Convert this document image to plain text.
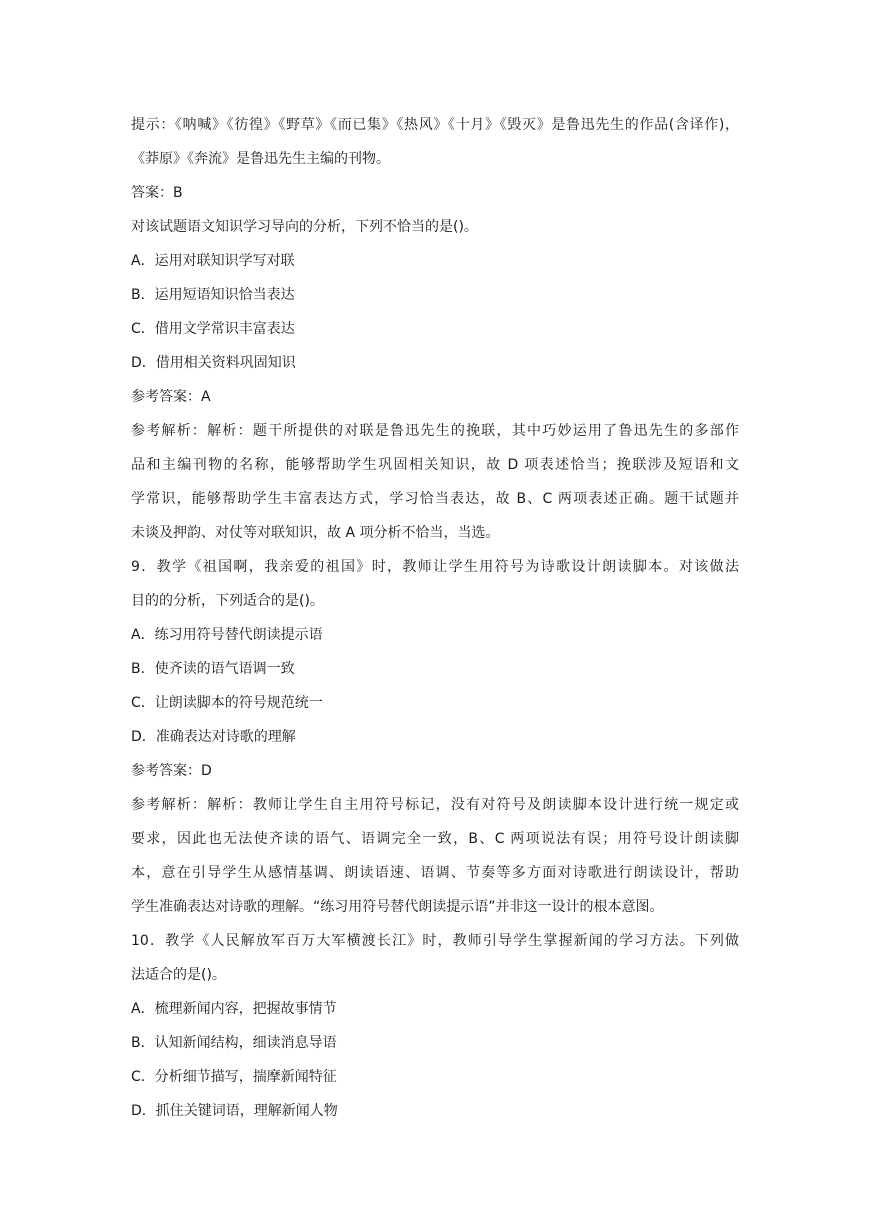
提示：《呐喊》《彷徨》《野草》《而已集》《热风》《十月》《毁灭》是鲁迅先生的作品(含译作)，
《莽原》《奔流》是鲁迅先生主编的刊物。
答案：B
对该试题语文知识学习导向的分析，下列不恰当的是()。
A．运用对联知识学写对联
B．运用短语知识恰当表达
C．借用文学常识丰富表达
D．借用相关资料巩固知识
参考答案：A
参考解析：解析：题干所提供的对联是鲁迅先生的挽联，其中巧妙运用了鲁迅先生的多部作
品和主编刊物的名称，能够帮助学生巩固相关知识，故 D 项表述恰当；挽联涉及短语和文
学常识，能够帮助学生丰富表达方式，学习恰当表达，故 B、C 两项表述正确。题干试题并
未谈及押韵、对仗等对联知识，故 A 项分析不恰当，当选。
9．教学《祖国啊，我亲爱的祖国》时，教师让学生用符号为诗歌设计朗读脚本。对该做法
目的的分析，下列适合的是()。
A．练习用符号替代朗读提示语
B．使齐读的语气语调一致
C．让朗读脚本的符号规范统一
D．准确表达对诗歌的理解
参考答案：D
参考解析：解析：教师让学生自主用符号标记，没有对符号及朗读脚本设计进行统一规定或
要求，因此也无法使齐读的语气、语调完全一致，B、C 两项说法有误；用符号设计朗读脚
本，意在引导学生从感情基调、朗读语速、语调、节奏等多方面对诗歌进行朗读设计，帮助
学生准确表达对诗歌的理解。“练习用符号替代朗读提示语”并非这一设计的根本意图。
10．教学《人民解放军百万大军横渡长江》时，教师引导学生掌握新闻的学习方法。下列做
法适合的是()。
A．梳理新闻内容，把握故事情节
B．认知新闻结构，细读消息导语
C．分析细节描写，揣摩新闻特征
D．抓住关键词语，理解新闻人物
